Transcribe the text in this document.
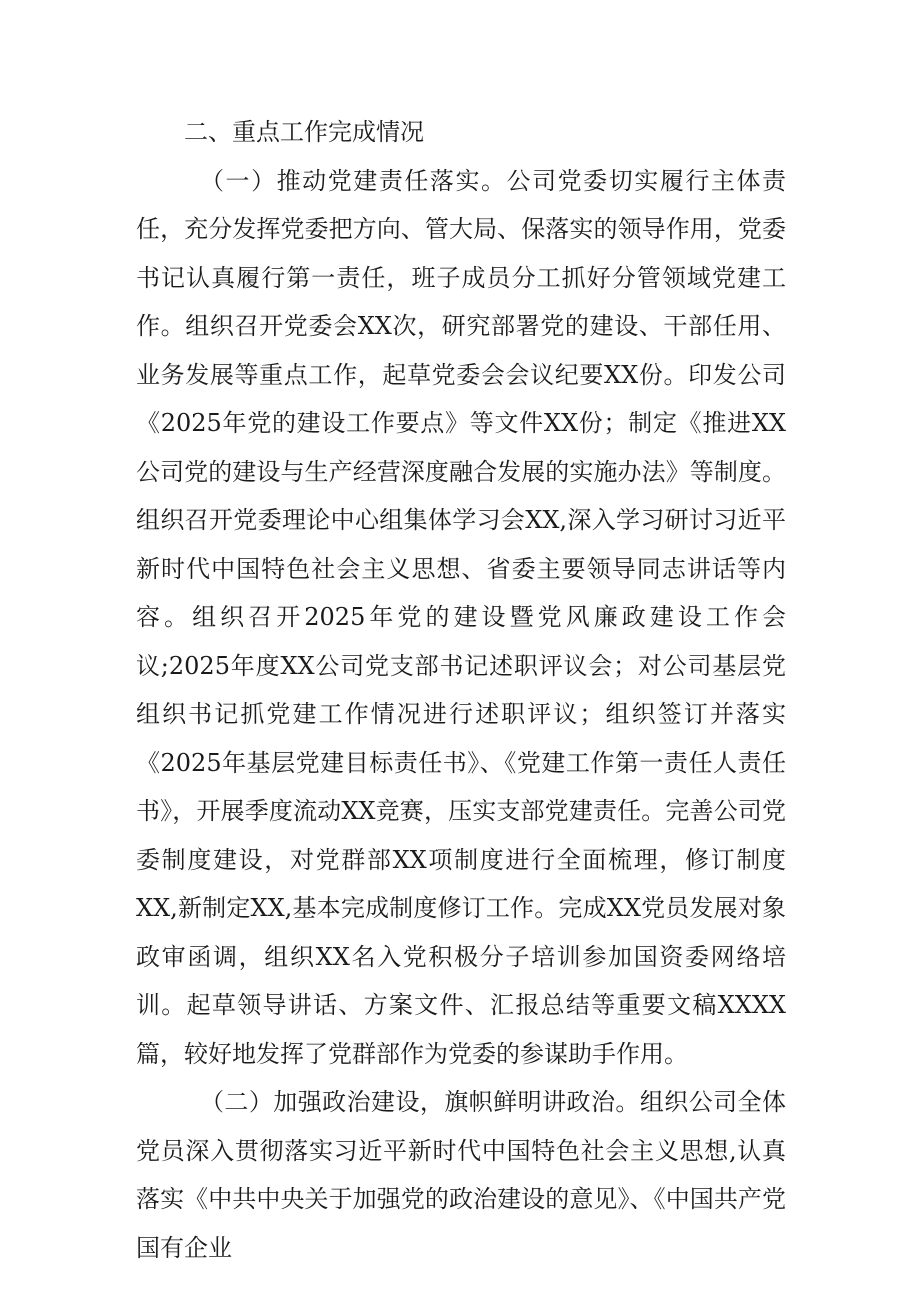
二、重点工作完成情况

（一）推动党建责任落实。公司党委切实履行主体责任，充分发挥党委把方向、管大局、保落实的领导作用，党委书记认真履行第一责任，班子成员分工抓好分管领域党建工作。组织召开党委会XX次，研究部署党的建设、干部任用、业务发展等重点工作，起草党委会会议纪要XX份。印发公司《2025年党的建设工作要点》等文件XX份；制定《推进XX公司党的建设与生产经营深度融合发展的实施办法》等制度。组织召开党委理论中心组集体学习会XX,深入学习研讨习近平新时代中国特色社会主义思想、省委主要领导同志讲话等内容。组织召开2025年党的建设暨党风廉政建设工作会议;2025年度XX公司党支部书记述职评议会；对公司基层党组织书记抓党建工作情况进行述职评议；组织签订并落实《2025年基层党建目标责任书》、《党建工作第一责任人责任书》，开展季度流动XX竞赛，压实支部党建责任。完善公司党委制度建设，对党群部XX项制度进行全面梳理，修订制度XX,新制定XX,基本完成制度修订工作。完成XX党员发展对象政审函调，组织XX名入党积极分子培训参加国资委网络培训。起草领导讲话、方案文件、汇报总结等重要文稿XXXX篇，较好地发挥了党群部作为党委的参谋助手作用。

（二）加强政治建设，旗帜鲜明讲政治。组织公司全体党员深入贯彻落实习近平新时代中国特色社会主义思想,认真落实《中共中央关于加强党的政治建设的意见》、《中国共产党国有企业
